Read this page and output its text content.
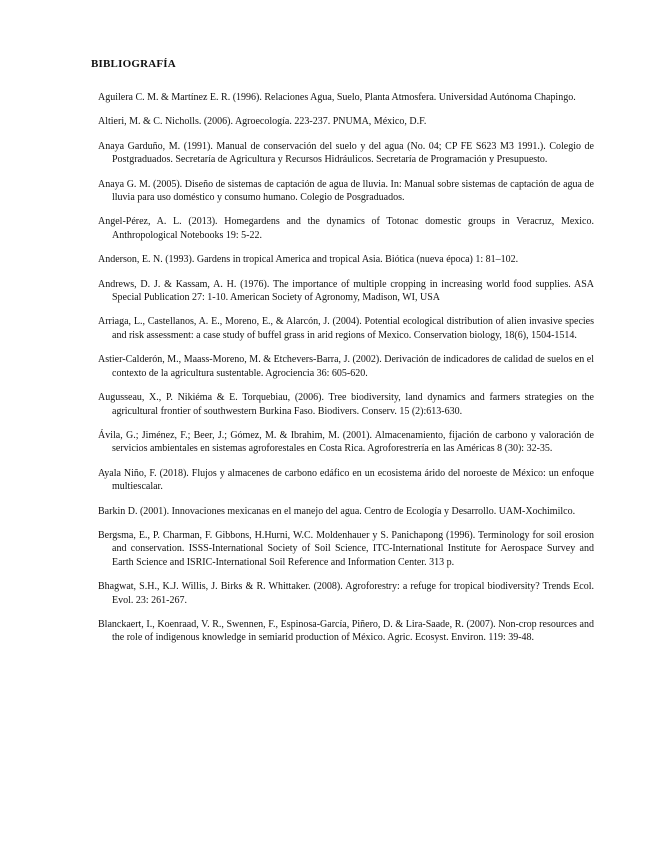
BIBLIOGRAFÍA

Aguilera C. M. & Martínez E. R. (1996). Relaciones Agua, Suelo, Planta Atmosfera. Universidad Autónoma Chapingo.

Altieri, M. & C. Nicholls. (2006). Agroecología. 223-237. PNUMA, México, D.F.

Anaya Garduño, M. (1991). Manual de conservación del suelo y del agua (No. 04; CP FE S623 M3 1991.). Colegio de Postgraduados. Secretaría de Agricultura y Recursos Hidráulicos. Secretaría de Programación y Presupuesto.

Anaya G. M. (2005). Diseño de sistemas de captación de agua de lluvia. In: Manual sobre sistemas de captación de agua de lluvia para uso doméstico y consumo humano. Colegio de Posgraduados.

Angel-Pérez, A. L. (2013). Homegardens and the dynamics of Totonac domestic groups in Veracruz, Mexico. Anthropological Notebooks 19: 5-22.

Anderson, E. N. (1993). Gardens in tropical America and tropical Asia. Biótica (nueva época) 1: 81–102.

Andrews, D. J. & Kassam, A. H. (1976). The importance of multiple cropping in increasing world food supplies. ASA Special Publication 27: 1-10. American Society of Agronomy, Madison, WI, USA

Arriaga, L., Castellanos, A. E., Moreno, E., & Alarcón, J. (2004). Potential ecological distribution of alien invasive species and risk assessment: a case study of buffel grass in arid regions of Mexico. Conservation biology, 18(6), 1504-1514.

Astier-Calderón, M., Maass-Moreno, M. & Etchevers-Barra, J. (2002). Derivación de indicadores de calidad de suelos en el contexto de la agricultura sustentable. Agrociencia 36: 605-620.

Augusseau, X., P. Nikiéma & E. Torquebiau, (2006). Tree biodiversity, land dynamics and farmers strategies on the agricultural frontier of southwestern Burkina Faso. Biodivers. Conserv. 15 (2):613-630.

Ávila, G.; Jiménez, F.; Beer, J.; Gómez, M. & Ibrahim, M. (2001). Almacenamiento, fijación de carbono y valoración de servicios ambientales en sistemas agroforestales en Costa Rica. Agroforestrería en las Américas 8 (30): 32-35.

Ayala Niño, F. (2018). Flujos y almacenes de carbono edáfico en un ecosistema árido del noroeste de México: un enfoque multiescalar.

Barkin D. (2001). Innovaciones mexicanas en el manejo del agua. Centro de Ecología y Desarrollo. UAM-Xochimilco.

Bergsma, E., P. Charman, F. Gibbons, H.Hurni, W.C. Moldenhauer y S. Panichapong (1996). Terminology for soil erosion and conservation. ISSS-International Society of Soil Science, ITC-International Institute for Aerospace Survey and Earth Science and ISRIC-International Soil Reference and Information Center. 313 p.

Bhagwat, S.H., K.J. Willis, J. Birks & R. Whittaker. (2008). Agroforestry: a refuge for tropical biodiversity? Trends Ecol. Evol. 23: 261-267.

Blanckaert, I., Koenraad, V. R., Swennen, F., Espinosa-García, Piñero, D. & Lira-Saade, R. (2007). Non-crop resources and the role of indigenous knowledge in semiarid production of México. Agric. Ecosyst. Environ. 119: 39-48.
